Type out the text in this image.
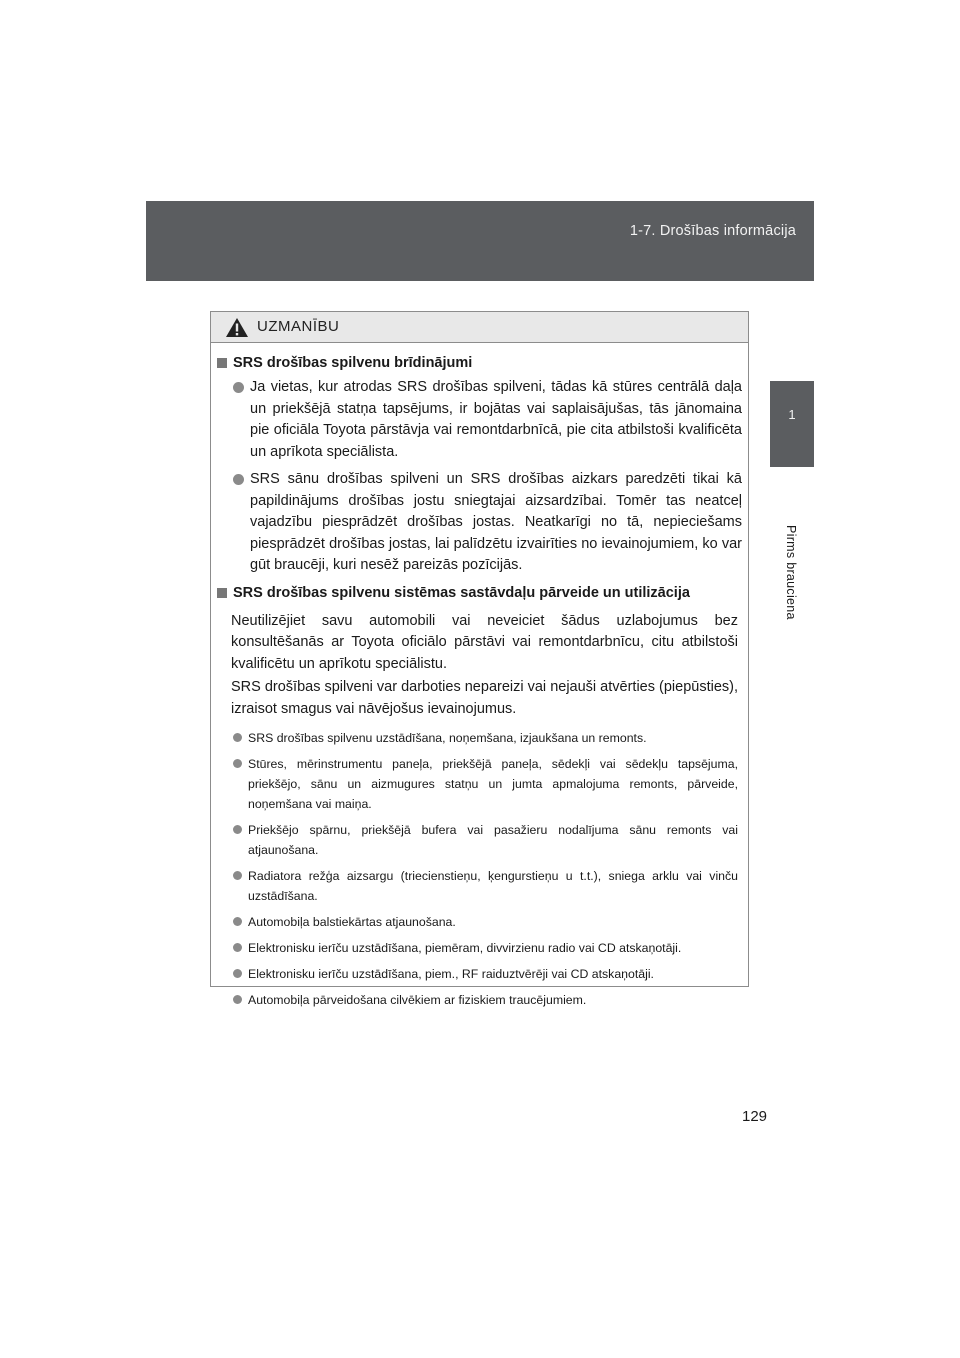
1-7. Drošības informācija
1
Pirms brauciena
UZMANĪBU
SRS drošības spilvenu brīdinājumi
Ja vietas, kur atrodas SRS drošības spilveni, tādas kā stūres centrālā daļa un priekšējā statņa tapsējums, ir bojātas vai saplaisājušas, tās jānomaina pie oficiāla Toyota pārstāvja vai remontdarbnīcā, pie cita atbilstoši kvalificēta un aprīkota speciālista.
SRS sānu drošības spilveni un SRS drošības aizkars paredzēti tikai kā papildinājums drošības jostu sniegtajai aizsardzībai. Tomēr tas neatceļ vajadzību piesprādzēt drošības jostas. Neatkarīgi no tā, nepieciešams piesprādzēt drošības jostas, lai palīdzētu izvairīties no ievainojumiem, ko var gūt braucēji, kuri nesēž pareizās pozīcijās.
SRS drošības spilvenu sistēmas sastāvdaļu pārveide un utilizācija
Neutilizējiet savu automobili vai neveiciet šādus uzlabojumus bez konsultēšanās ar Toyota oficiālo pārstāvi vai remontdarbnīcu, citu atbilstoši kvalificētu un aprīkotu speciālistu.
SRS drošības spilveni var darboties nepareizi vai nejauši atvērties (piepūsties), izraisot smagus vai nāvējošus ievainojumus.
SRS drošības spilvenu uzstādīšana, noņemšana, izjaukšana un remonts.
Stūres, mērinstrumentu paneļa, priekšējā paneļa, sēdekļi vai sēdekļu tapsējuma, priekšējo, sānu un aizmugures statņu un jumta apmalojuma remonts, pārveide, noņemšana vai maiņa.
Priekšējo spārnu, priekšējā bufera vai pasažieru nodalījuma sānu remonts vai atjaunošana.
Radiatora režģa aizsargu (triecienstieņu, ķengurstieņu u t.t.), sniega arklu vai vinču uzstādīšana.
Automobiļa balstiekārtas atjaunošana.
Elektronisku ierīču uzstādīšana, piemēram, divvirzienu radio vai CD atskaņotāji.
Elektronisku ierīču uzstādīšana, piem., RF raiduztvērēji vai CD atskaņotāji.
Automobiļa pārveidošana cilvēkiem ar fiziskiem traucējumiem.
129
